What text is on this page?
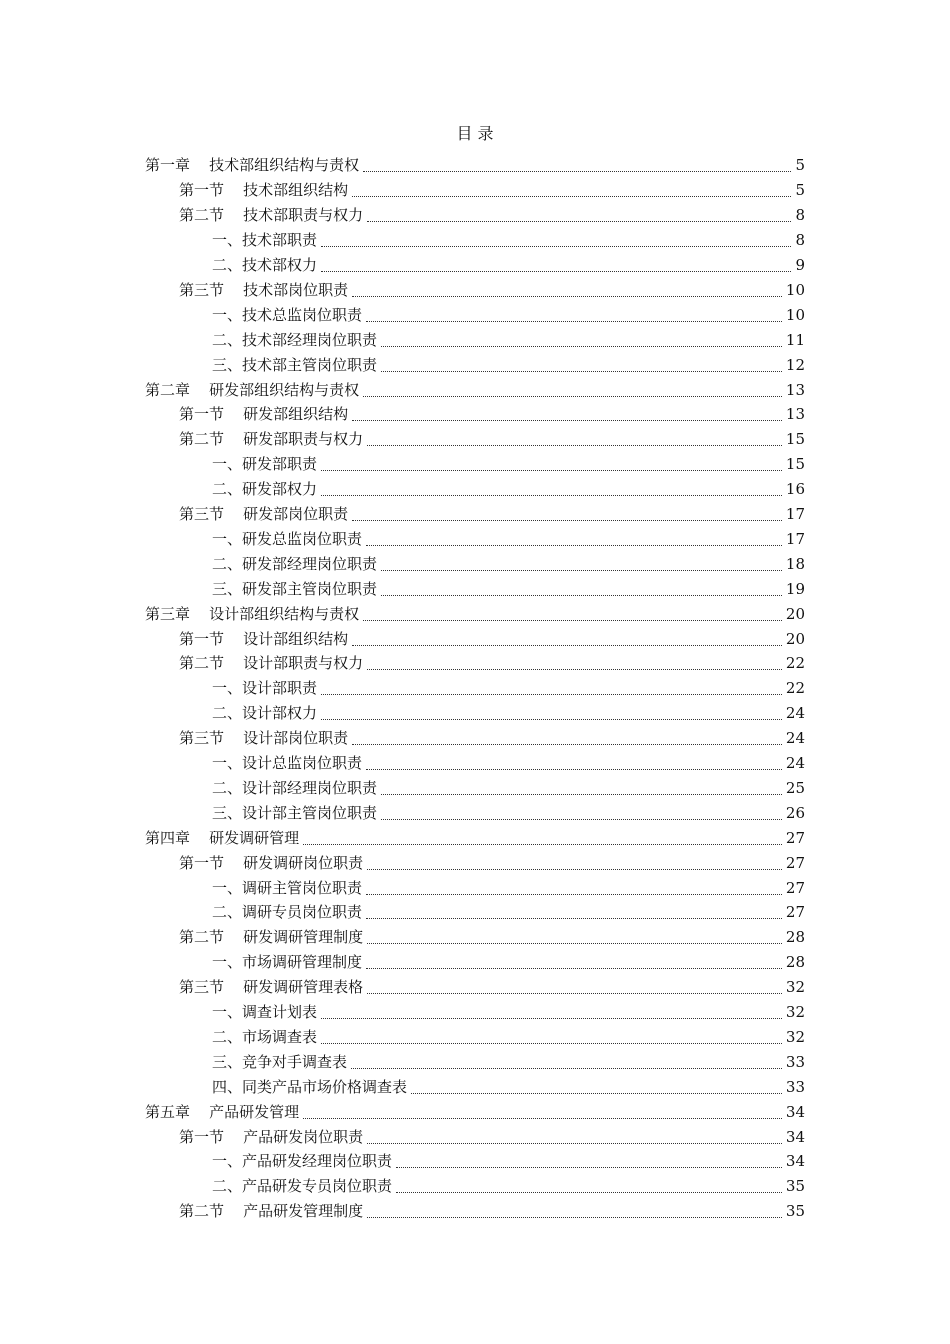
目 录
第一章    技术部组织结构与责权	5
第一节    技术部组织结构	5
第二节    技术部职责与权力	8
一、技术部职责	8
二、技术部权力	9
第三节    技术部岗位职责	10
一、技术总监岗位职责	10
二、技术部经理岗位职责	11
三、技术部主管岗位职责	12
第二章    研发部组织结构与责权	13
第一节    研发部组织结构	13
第二节    研发部职责与权力	15
一、研发部职责	15
二、研发部权力	16
第三节    研发部岗位职责	17
一、研发总监岗位职责	17
二、研发部经理岗位职责	18
三、研发部主管岗位职责	19
第三章    设计部组织结构与责权	20
第一节    设计部组织结构	20
第二节    设计部职责与权力	22
一、设计部职责	22
二、设计部权力	24
第三节    设计部岗位职责	24
一、设计总监岗位职责	24
二、设计部经理岗位职责	25
三、设计部主管岗位职责	26
第四章    研发调研管理	27
第一节    研发调研岗位职责	27
一、调研主管岗位职责	27
二、调研专员岗位职责	27
第二节    研发调研管理制度	28
一、市场调研管理制度	28
第三节    研发调研管理表格	32
一、调查计划表	32
二、市场调查表	32
三、竞争对手调查表	33
四、同类产品市场价格调查表	33
第五章    产品研发管理	34
第一节    产品研发岗位职责	34
一、产品研发经理岗位职责	34
二、产品研发专员岗位职责	35
第二节    产品研发管理制度	35
